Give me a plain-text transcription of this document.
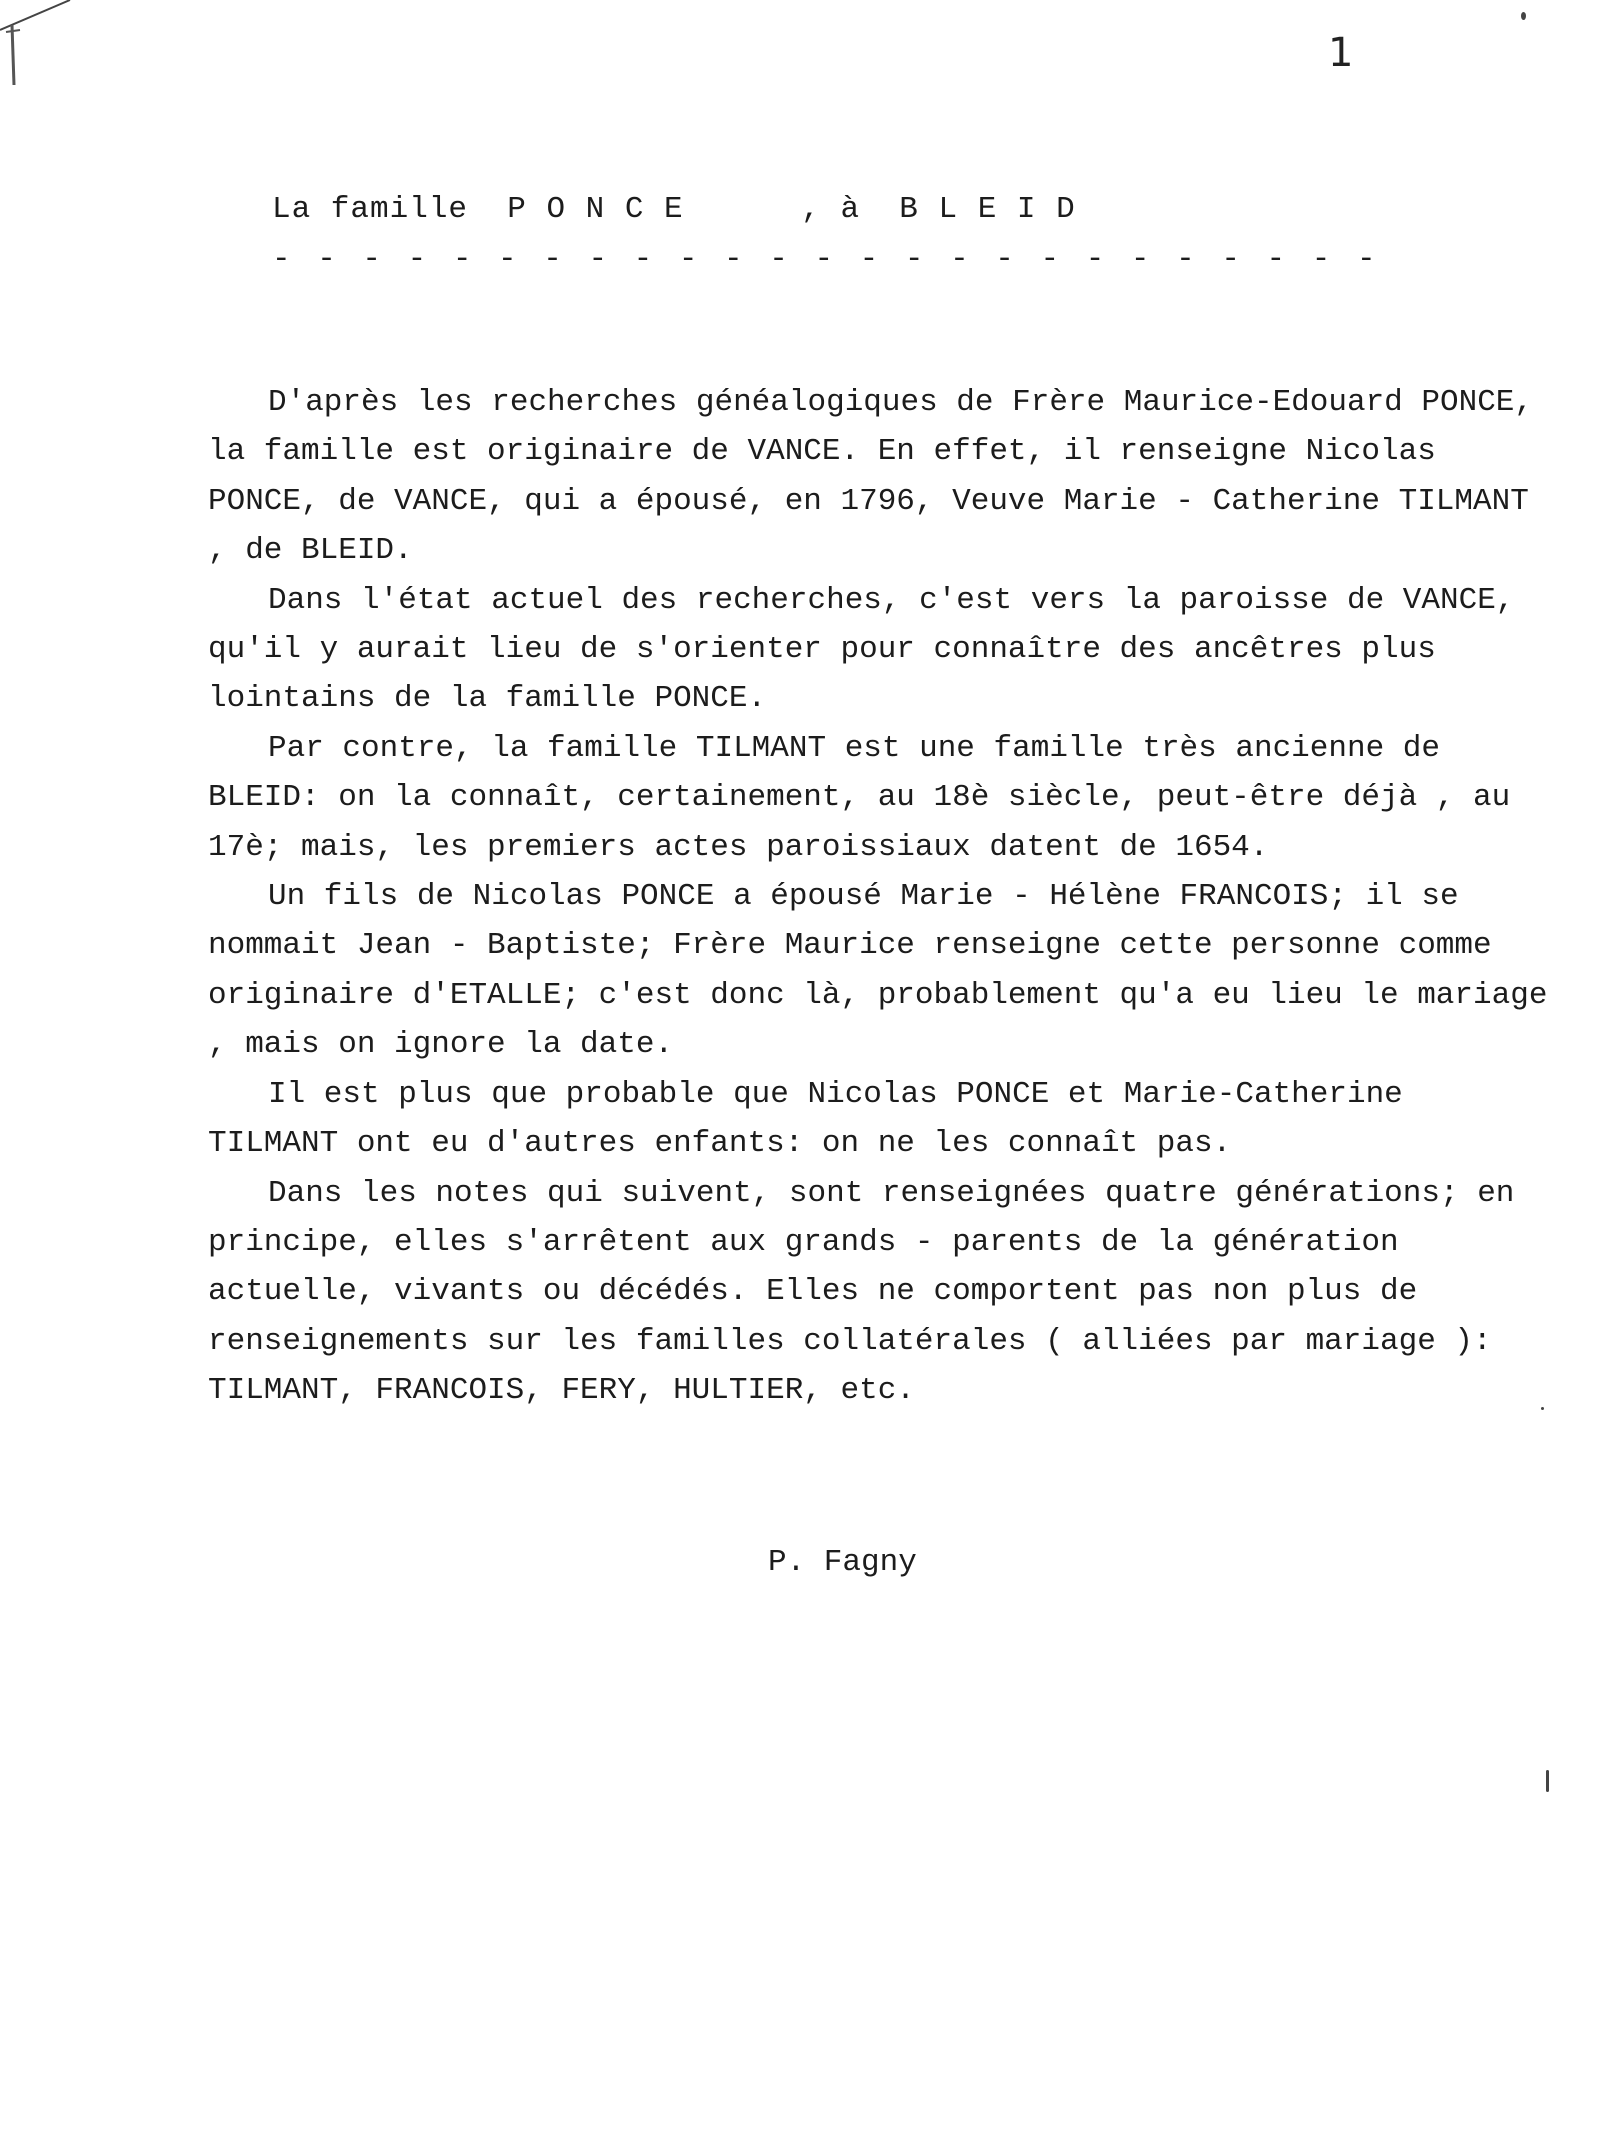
1
La famille  P O N C E      , à  B L E I D
- - - - - - - - - - - - - - - - - - - - - - - - -

D'après les recherches généalogiques de Frère Maurice-Edouard PONCE, la famille est originaire de VANCE. En effet, il renseigne Nicolas PONCE, de VANCE, qui a épousé, en 1796, Veuve Marie - Catherine TILMANT , de BLEID.

Dans l'état actuel des recherches, c'est vers la paroisse de VANCE, qu'il y aurait lieu de s'orienter pour connaître des ancêtres plus lointains de la famille PONCE.

Par contre, la famille TILMANT est une famille très ancienne de BLEID: on la connaît, certainement, au 18è siècle, peut-être déjà , au 17è; mais, les premiers actes paroissiaux datent de 1654.

Un fils de Nicolas PONCE a épousé Marie - Hélène FRANCOIS; il se nommait Jean - Baptiste; Frère Maurice renseigne cette personne comme originaire d'ETALLE; c'est donc là, probablement qu'a eu lieu le mariage , mais on ignore la date.

Il est plus que probable que Nicolas PONCE et Marie-Catherine TILMANT ont eu d'autres enfants: on ne les connaît pas.

Dans les notes qui suivent, sont renseignées quatre générations; en principe, elles s'arrêtent aux grands - parents de la génération actuelle, vivants ou décédés. Elles ne comportent pas non plus de renseignements sur les familles collatérales ( alliées par mariage ): TILMANT, FRANCOIS, FERY, HULTIER, etc.

P. Fagny
